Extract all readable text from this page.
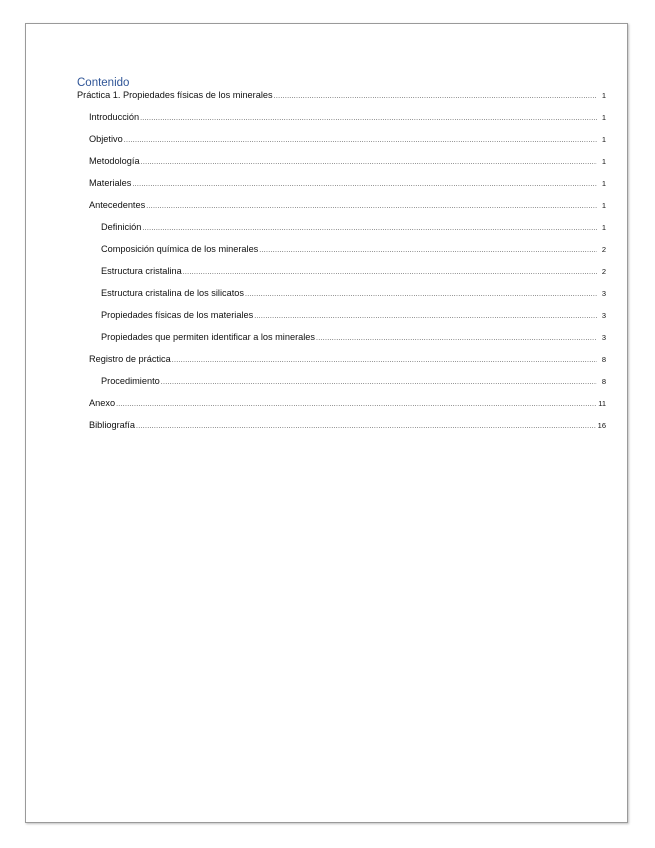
Contenido
Práctica 1. Propiedades físicas de los minerales .....	1
Introducción .....	1
Objetivo .....	1
Metodología .....	1
Materiales .....	1
Antecedentes .....	1
Definición .....	1
Composición química de los minerales .....	2
Estructura cristalina .....	2
Estructura cristalina de los silicatos .....	3
Propiedades físicas de los materiales .....	3
Propiedades que permiten identificar a los minerales .....	3
Registro de práctica .....	8
Procedimiento .....	8
Anexo .....	11
Bibliografía .....	16
